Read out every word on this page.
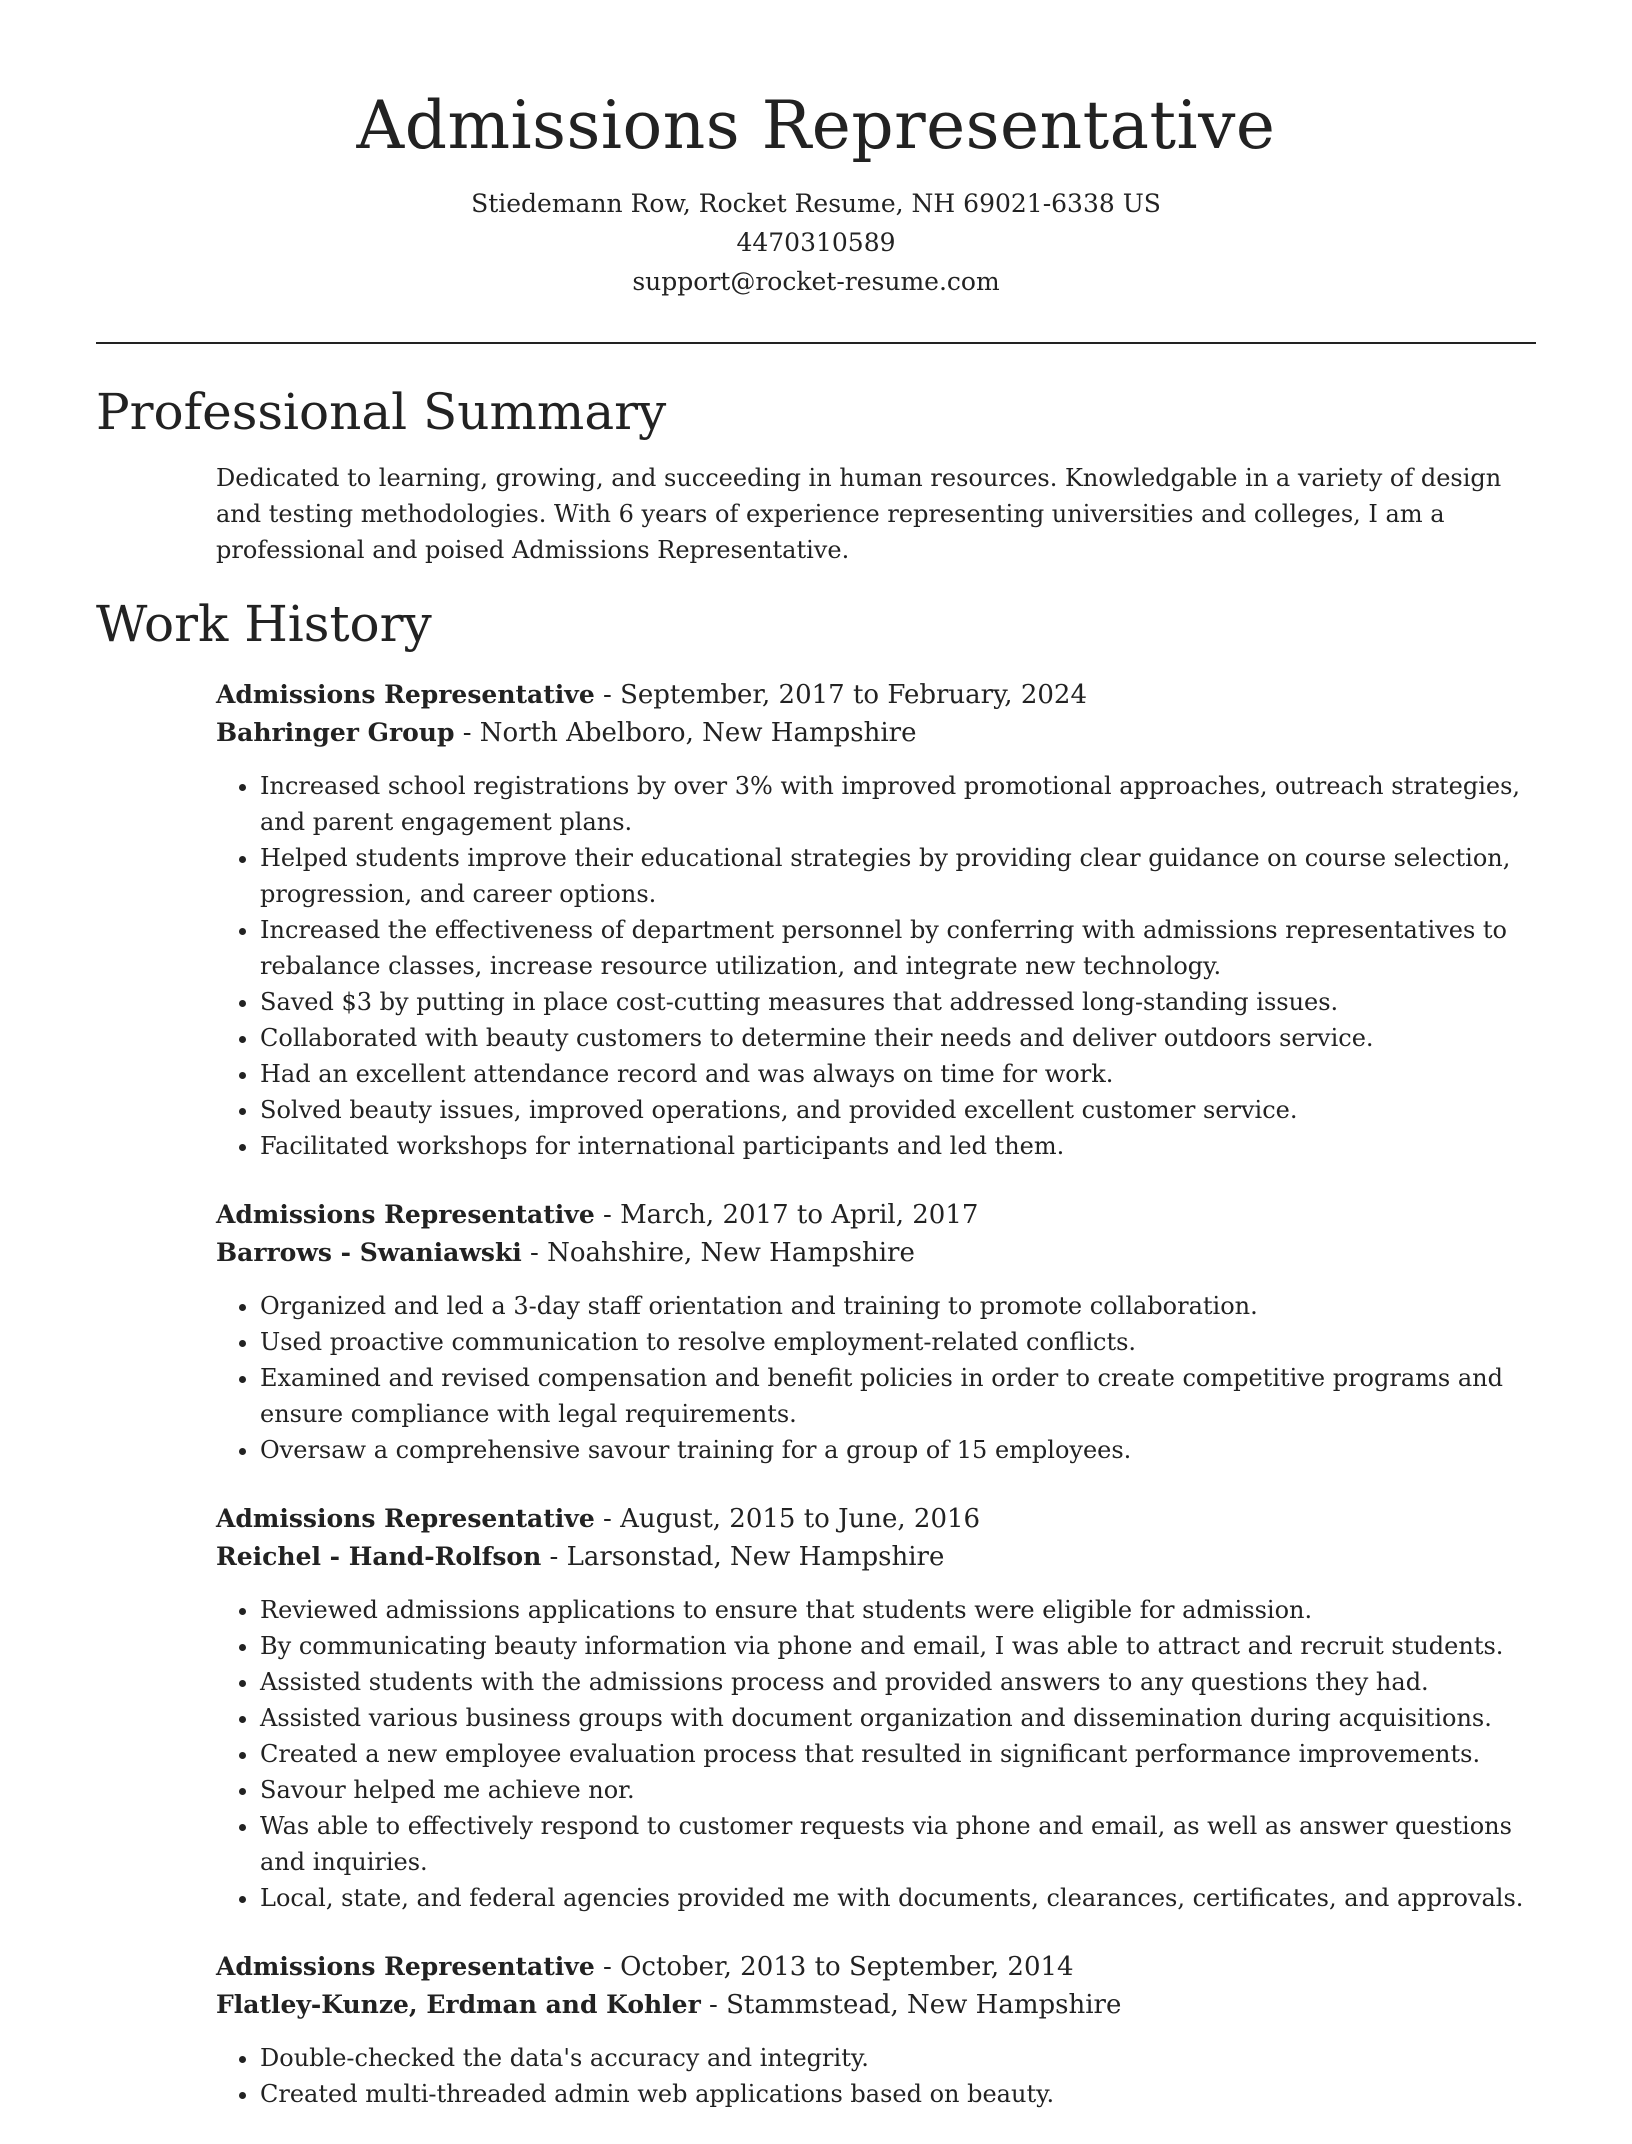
Admissions Representative
Stiedemann Row, Rocket Resume, NH 69021-6338 US
4470310589
support@rocket-resume.com
Professional Summary
Dedicated to learning, growing, and succeeding in human resources. Knowledgable in a variety of design and testing methodologies. With 6 years of experience representing universities and colleges, I am a professional and poised Admissions Representative.
Work History
Admissions Representative - September, 2017 to February, 2024
Bahringer Group - North Abelboro, New Hampshire
• Increased school registrations by over 3% with improved promotional approaches, outreach strategies, and parent engagement plans.
• Helped students improve their educational strategies by providing clear guidance on course selection, progression, and career options.
• Increased the effectiveness of department personnel by conferring with admissions representatives to rebalance classes, increase resource utilization, and integrate new technology.
• Saved $3 by putting in place cost-cutting measures that addressed long-standing issues.
• Collaborated with beauty customers to determine their needs and deliver outdoors service.
• Had an excellent attendance record and was always on time for work.
• Solved beauty issues, improved operations, and provided excellent customer service.
• Facilitated workshops for international participants and led them.
Admissions Representative - March, 2017 to April, 2017
Barrows - Swaniawski - Noahshire, New Hampshire
• Organized and led a 3-day staff orientation and training to promote collaboration.
• Used proactive communication to resolve employment-related conflicts.
• Examined and revised compensation and benefit policies in order to create competitive programs and ensure compliance with legal requirements.
• Oversaw a comprehensive savour training for a group of 15 employees.
Admissions Representative - August, 2015 to June, 2016
Reichel - Hand-Rolfson - Larsonstad, New Hampshire
• Reviewed admissions applications to ensure that students were eligible for admission.
• By communicating beauty information via phone and email, I was able to attract and recruit students.
• Assisted students with the admissions process and provided answers to any questions they had.
• Assisted various business groups with document organization and dissemination during acquisitions.
• Created a new employee evaluation process that resulted in significant performance improvements.
• Savour helped me achieve nor.
• Was able to effectively respond to customer requests via phone and email, as well as answer questions and inquiries.
• Local, state, and federal agencies provided me with documents, clearances, certificates, and approvals.
Admissions Representative - October, 2013 to September, 2014
Flatley-Kunze, Erdman and Kohler - Stammstead, New Hampshire
• Double-checked the data's accuracy and integrity.
• Created multi-threaded admin web applications based on beauty.
